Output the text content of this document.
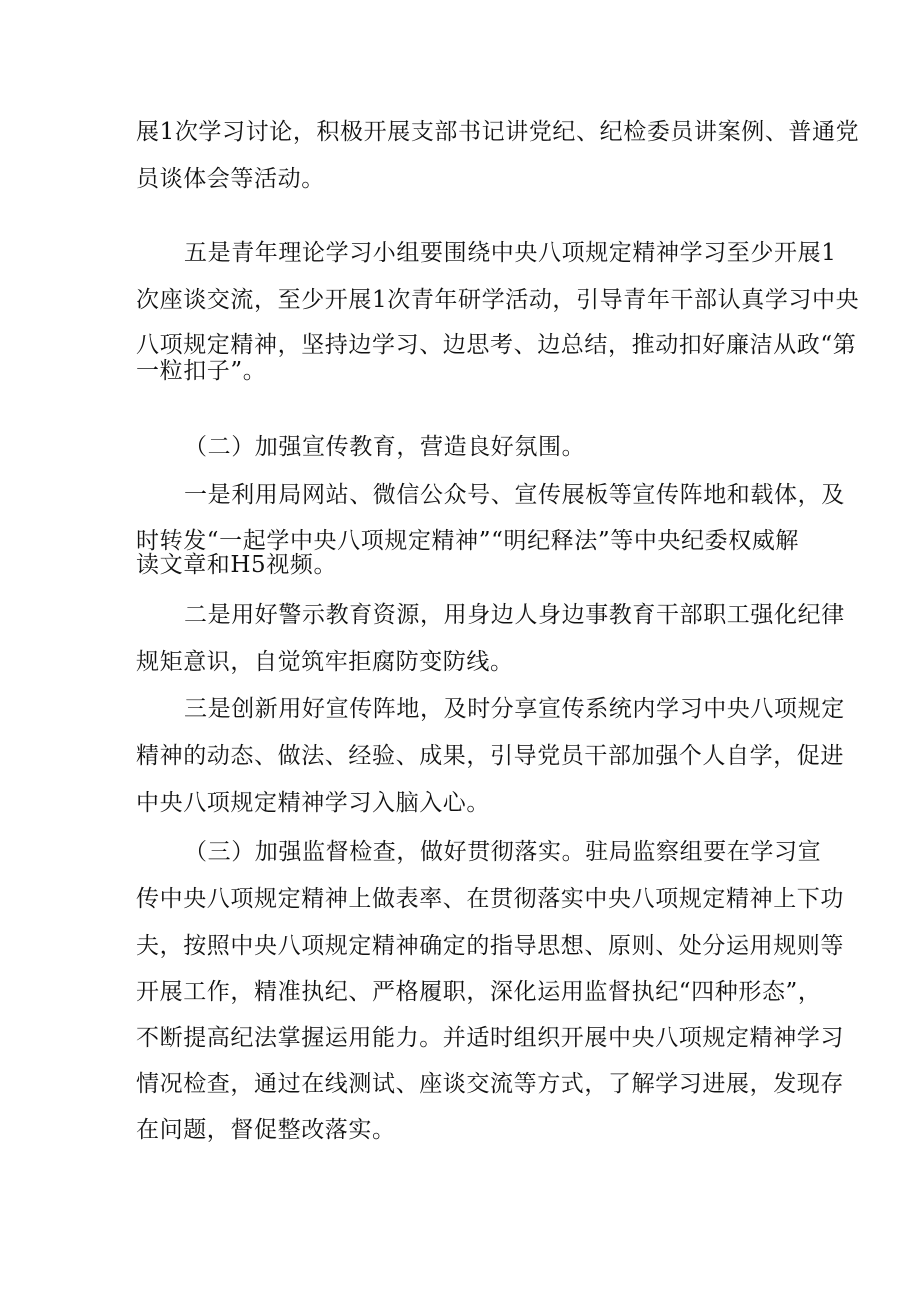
展1次学习讨论，积极开展支部书记讲党纪、纪检委员讲案例、普通党
员谈体会等活动。
五是青年理论学习小组要围绕中央八项规定精神学习至少开展1
次座谈交流，至少开展1次青年研学活动，引导青年干部认真学习中央
八项规定精神，坚持边学习、边思考、边总结，推动扣好廉洁从政“第
一粒扣子”。
（二）加强宣传教育，营造良好氛围。
一是利用局网站、微信公众号、宣传展板等宣传阵地和载体，及
时转发“一起学中央八项规定精神”“明纪释法”等中央纪委权威解
读文章和H5视频。
二是用好警示教育资源，用身边人身边事教育干部职工强化纪律
规矩意识，自觉筑牢拒腐防变防线。
三是创新用好宣传阵地，及时分享宣传系统内学习中央八项规定
精神的动态、做法、经验、成果，引导党员干部加强个人自学，促进
中央八项规定精神学习入脑入心。
（三）加强监督检查，做好贯彻落实。驻局监察组要在学习宣
传中央八项规定精神上做表率、在贯彻落实中央八项规定精神上下功
夫，按照中央八项规定精神确定的指导思想、原则、处分运用规则等
开展工作，精准执纪、严格履职，深化运用监督执纪“四种形态”，
不断提高纪法掌握运用能力。并适时组织开展中央八项规定精神学习
情况检查，通过在线测试、座谈交流等方式，了解学习进展，发现存
在问题，督促整改落实。
